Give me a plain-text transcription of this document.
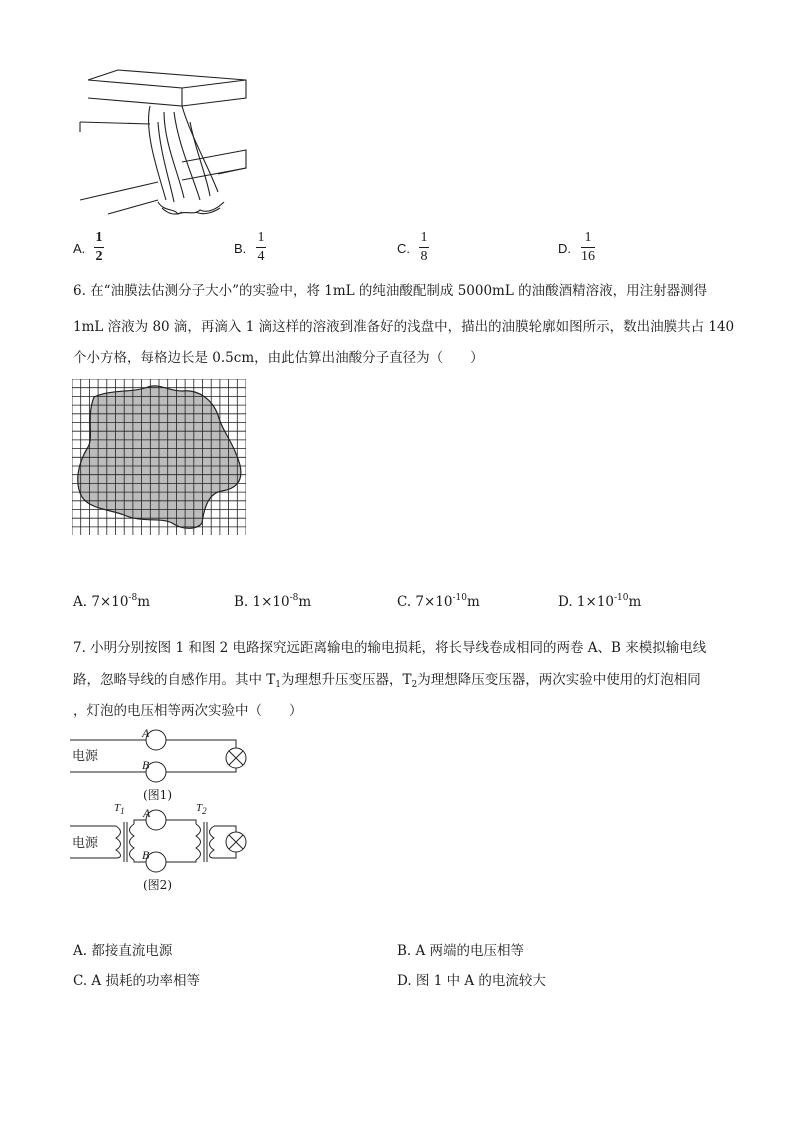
A.
1
2
B.
1
4
C.
1
8
D.
1
16
6. 在“油膜法估测分子大小”的实验中，将 1mL 的纯油酸配制成 5000mL 的油酸酒精溶液，用注射器测得
1mL 溶液为 80 滴，再滴入 1 滴这样的溶液到准备好的浅盘中，描出的油膜轮廓如图所示，数出油膜共占 140
个小方格，每格边长是 0.5cm，由此估算出油酸分子直径为（　　）
A. $7\times 10^{-8}m$	B. $1\times 10^{-8}m$	C. $7\times 10^{-10}m$	D. $1\times 10^{-10}m$
7. 小明分别按图 1 和图 2 电路探究远距离输电的输电损耗，将长导线卷成相同的两卷 A、B 来模拟输电线
路，忽略导线的自感作用。其中 $T_1$为理想升压变压器，$T_2$为理想降压变压器，两次实验中使用的灯泡相同
，灯泡的电压相等两次实验中（　　）
电源
A
B
(图1)
电源
$T_1$	$T_2$
A
B
(图2)
A. 都接直流电源	B. A 两端的电压相等
C. A 损耗的功率相等	D. 图 1 中 A 的电流较大
